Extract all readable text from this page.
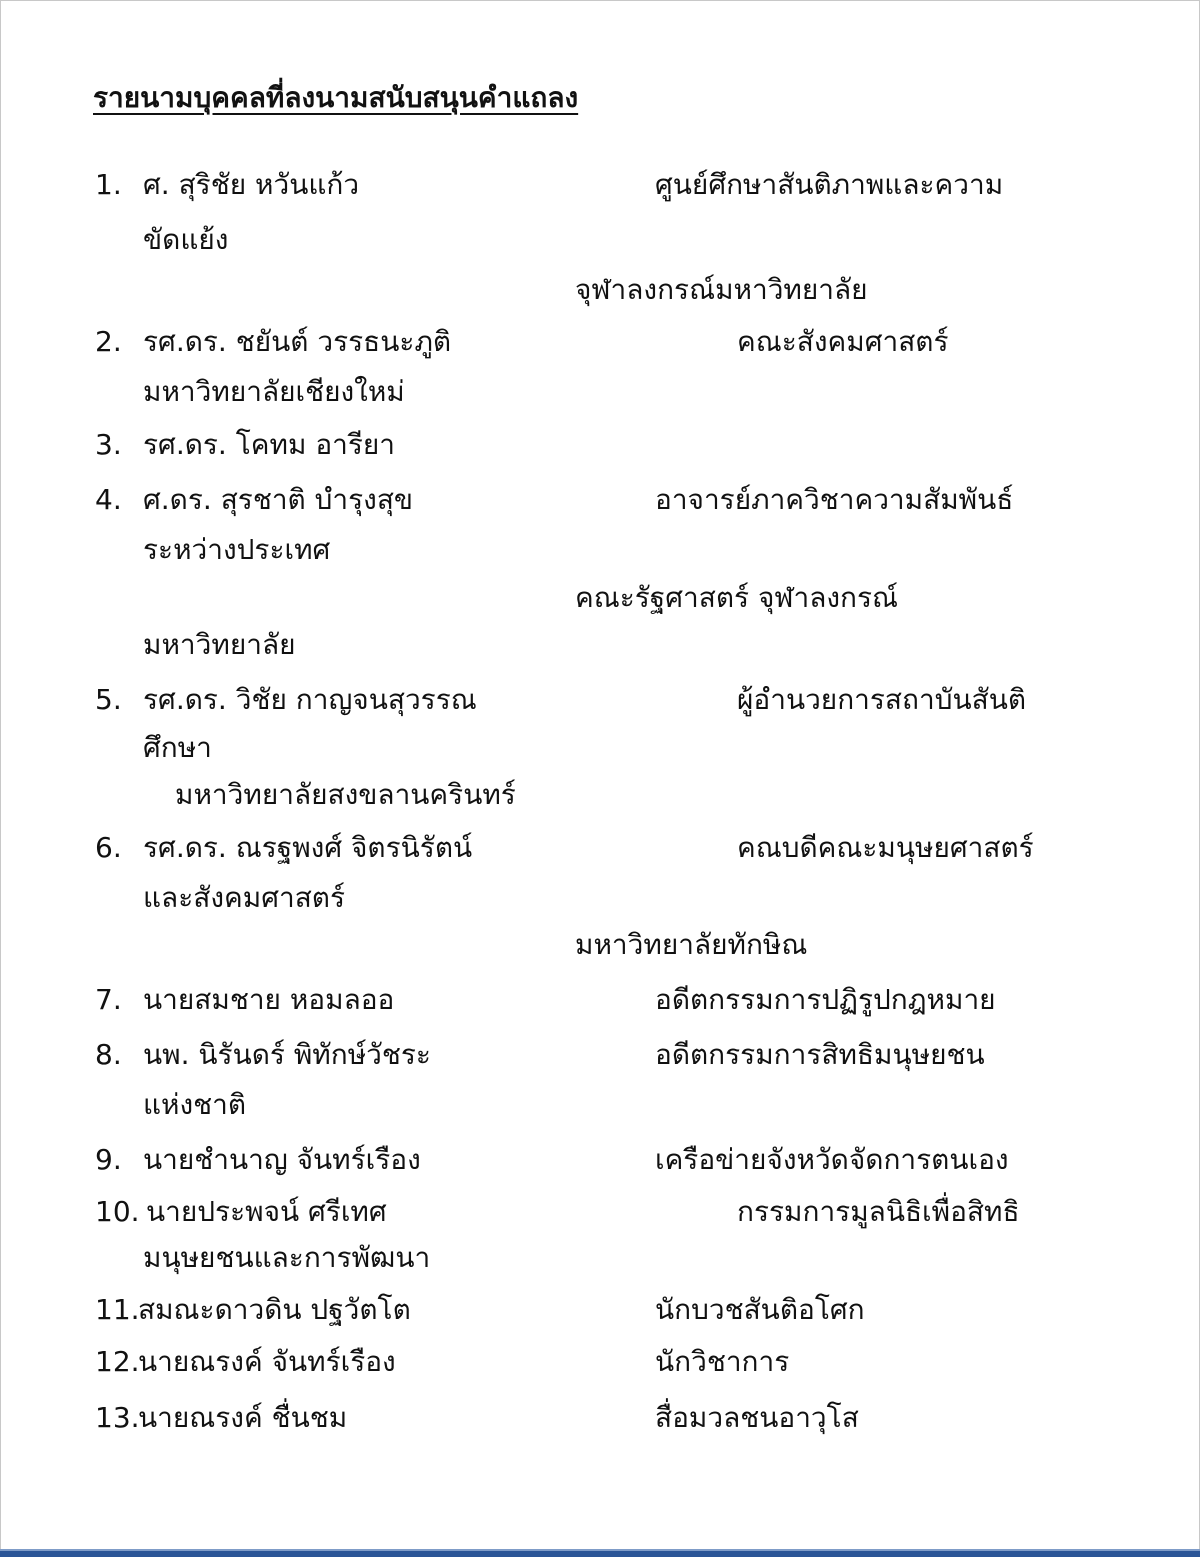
รายนามบุคคลที่ลงนามสนับสนุนคำแถลง
1. ศ. สุริชัย หวันแก้ว	ศูนย์ศึกษาสันติภาพและความ
ขัดแย้ง
จุฬาลงกรณ์มหาวิทยาลัย
2. รศ.ดร. ชยันต์ วรรธนะภูติ	คณะสังคมศาสตร์
มหาวิทยาลัยเชียงใหม่
3. รศ.ดร. โคทม อารียา
4. ศ.ดร. สุรชาติ บำรุงสุข	อาจารย์ภาควิชาความสัมพันธ์
ระหว่างประเทศ
คณะรัฐศาสตร์ จุฬาลงกรณ์
มหาวิทยาลัย
5. รศ.ดร. วิชัย กาญจนสุวรรณ	ผู้อำนวยการสถาบันสันติ
ศึกษา
มหาวิทยาลัยสงขลานครินทร์
6. รศ.ดร. ณรฐพงศ์ จิตรนิรัตน์	คณบดีคณะมนุษยศาสตร์
และสังคมศาสตร์
มหาวิทยาลัยทักษิณ
7. นายสมชาย หอมลออ	อดีตกรรมการปฏิรูปกฎหมาย
8. นพ. นิรันดร์ พิทักษ์วัชระ	อดีตกรรมการสิทธิมนุษยชน
แห่งชาติ
9. นายชำนาญ จันทร์เรือง	เครือข่ายจังหวัดจัดการตนเอง
10. นายประพจน์ ศรีเทศ	กรรมการมูลนิธิเพื่อสิทธิ
มนุษยชนและการพัฒนา
11.
สมณะดาวดิน ปฐวัตโต	นักบวชสันติอโศก
12.
นายณรงค์ จันทร์เรือง	นักวิชาการ
13.
นายณรงค์ ชื่นชม	สื่อมวลชนอาวุโส
